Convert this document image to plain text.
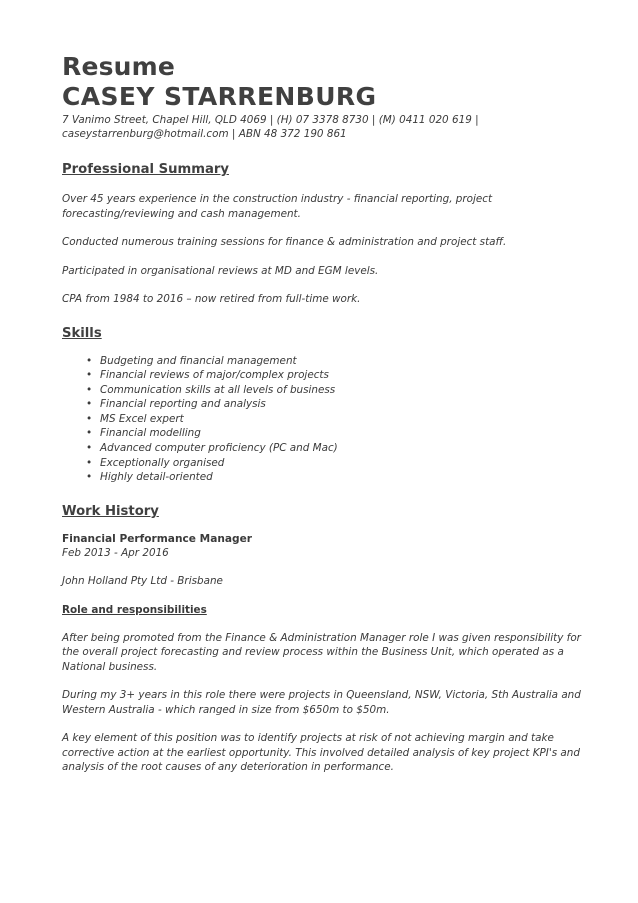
Resume
CASEY STARRENBURG
7 Vanimo Street, Chapel Hill, QLD 4069 | (H) 07 3378 8730 | (M) 0411 020 619 |
caseystarrenburg@hotmail.com | ABN 48 372 190 861
Professional Summary

Over 45 years experience in the construction industry - financial reporting, project forecasting/reviewing and cash management.

Conducted numerous training sessions for finance & administration and project staff.

Participated in organisational reviews at MD and EGM levels.

CPA from 1984 to 2016 – now retired from full-time work.

Skills
• Budgeting and financial management
• Financial reviews of major/complex projects
• Communication skills at all levels of business
• Financial reporting and analysis
• MS Excel expert
• Financial modelling
• Advanced computer proficiency (PC and Mac)
• Exceptionally organised
• Highly detail-oriented
Work History

Financial Performance Manager

Feb 2013 - Apr 2016

John Holland Pty Ltd - Brisbane

Role and responsibilities

After being promoted from the Finance & Administration Manager role I was given responsibility for the overall project forecasting and review process within the Business Unit, which operated as a National business.

During my 3+ years in this role there were projects in Queensland, NSW, Victoria, Sth Australia and Western Australia - which ranged in size from $650m to $50m.

A key element of this position was to identify projects at risk of not achieving margin and take corrective action at the earliest opportunity. This involved detailed analysis of key project KPI's and analysis of the root causes of any deterioration in performance.
